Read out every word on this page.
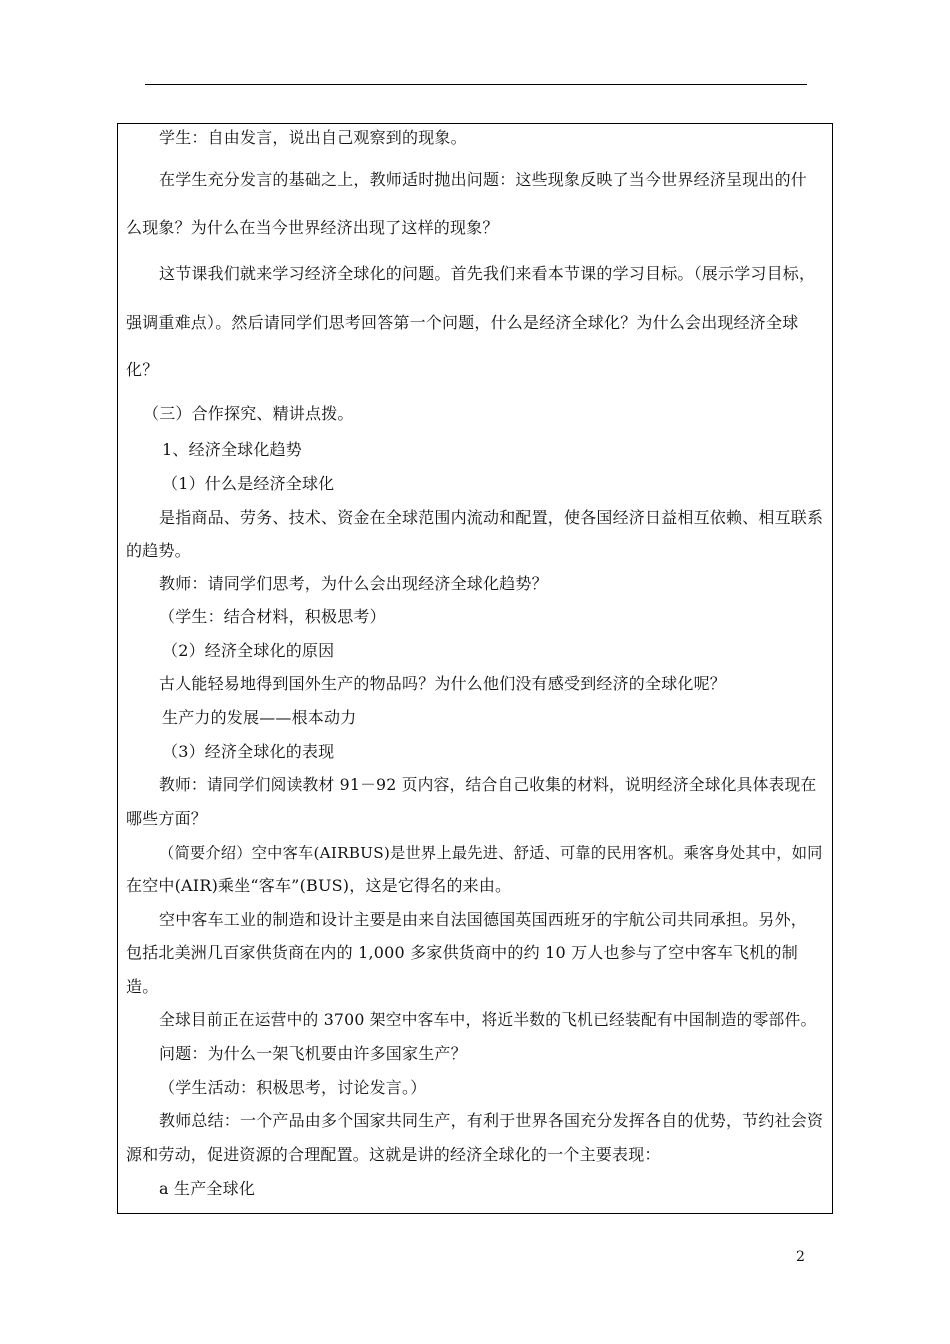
学生：自由发言，说出自己观察到的现象。
在学生充分发言的基础之上，教师适时抛出问题：这些现象反映了当今世界经济呈现出的什
么现象？为什么在当今世界经济出现了这样的现象？
这节课我们就来学习经济全球化的问题。首先我们来看本节课的学习目标。（展示学习目标，
强调重难点）。然后请同学们思考回答第一个问题，什么是经济全球化？为什么会出现经济全球
化？
（三）合作探究、精讲点拨。
1、经济全球化趋势
（1）什么是经济全球化
是指商品、劳务、技术、资金在全球范围内流动和配置，使各国经济日益相互依赖、相互联系
的趋势。
教师：请同学们思考，为什么会出现经济全球化趋势？
（学生：结合材料，积极思考）
（2）经济全球化的原因
古人能轻易地得到国外生产的物品吗？为什么他们没有感受到经济的全球化呢？
生产力的发展——根本动力
（3）经济全球化的表现
教师：请同学们阅读教材 91－92 页内容，结合自己收集的材料，说明经济全球化具体表现在
哪些方面？
（简要介绍）空中客车(AIRBUS)是世界上最先进、舒适、可靠的民用客机。乘客身处其中，如同
在空中(AIR)乘坐“客车”(BUS)，这是它得名的来由。
空中客车工业的制造和设计主要是由来自法国德国英国西班牙的宇航公司共同承担。另外，
包括北美洲几百家供货商在内的 1,000 多家供货商中的约 10 万人也参与了空中客车飞机的制
造。
全球目前正在运营中的 3700 架空中客车中，将近半数的飞机已经装配有中国制造的零部件。
问题：为什么一架飞机要由许多国家生产？
（学生活动：积极思考，讨论发言。）
教师总结：一个产品由多个国家共同生产，有利于世界各国充分发挥各自的优势，节约社会资
源和劳动，促进资源的合理配置。这就是讲的经济全球化的一个主要表现：
a 生产全球化
2
